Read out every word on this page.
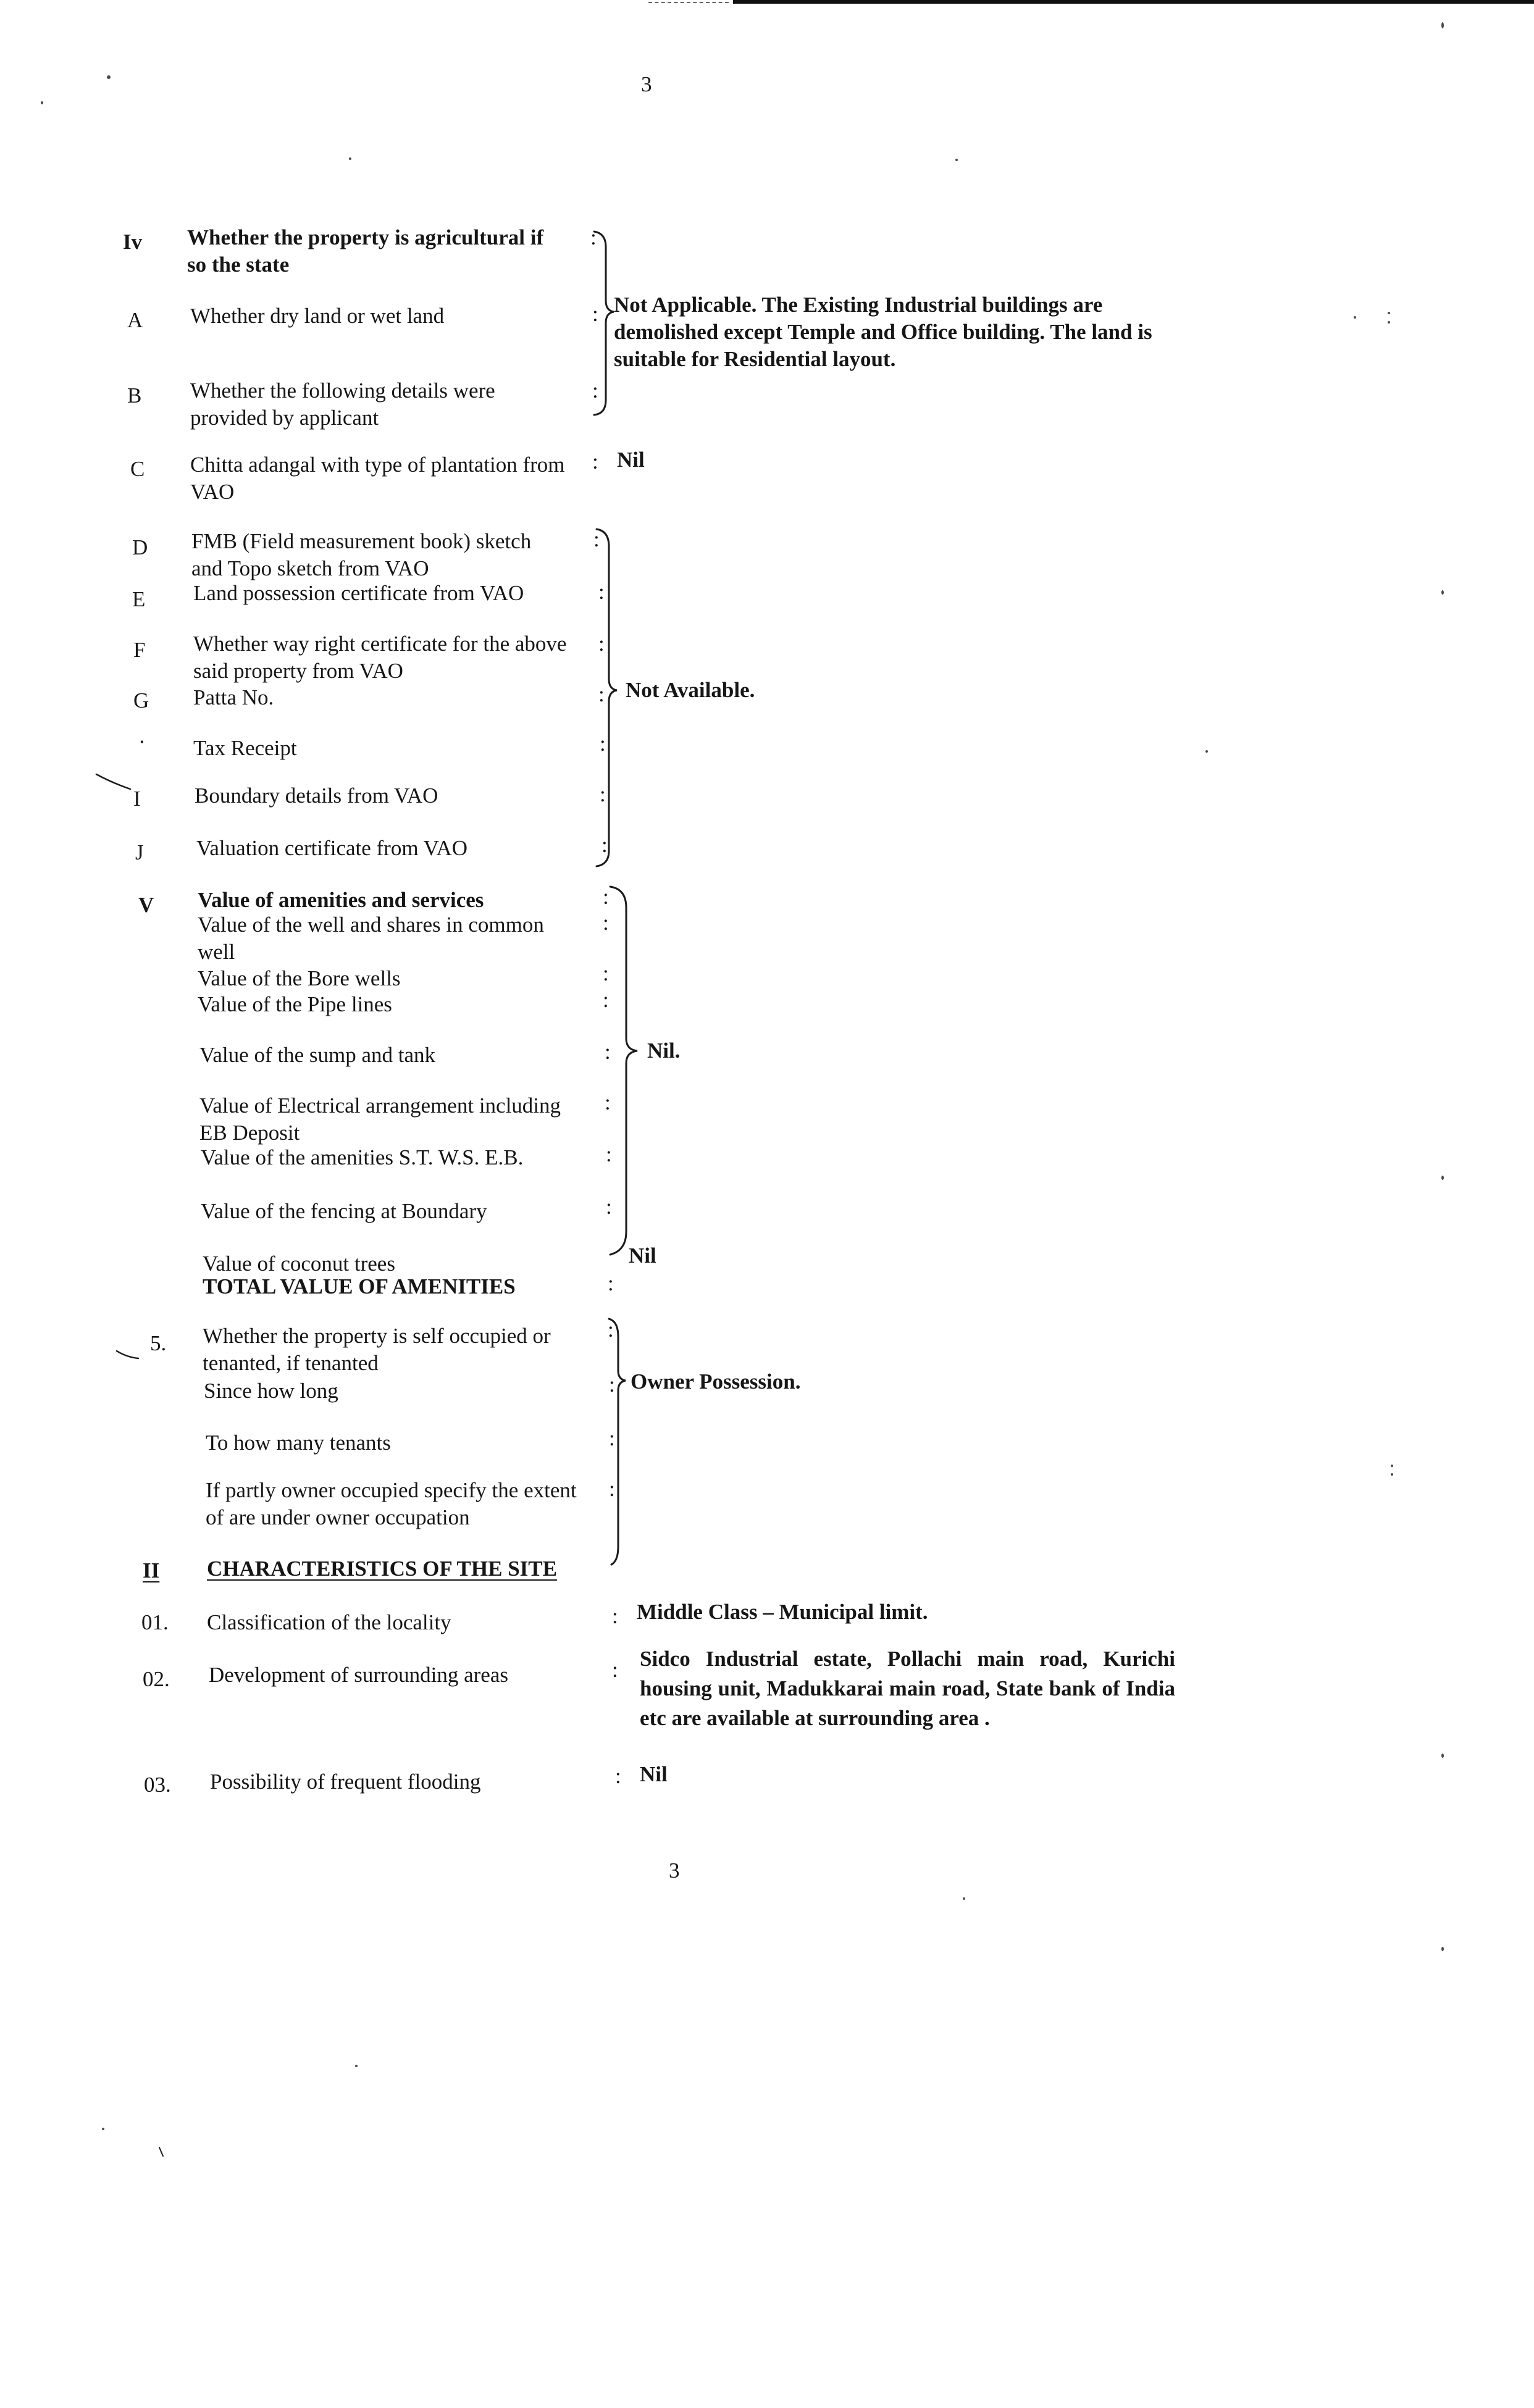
3
Iv Whether the property is agricultural if
so the state
:
A Whether dry land or wet land	: Not Applicable. The Existing Industrial buildings are
demolished except Temple and Office building. The land is
suitable for Residential layout.
B Whether the following details were
provided by applicant
:
C Chitta adangal with type of plantation from
VAO
: Nil
D FMB (Field measurement book) sketch
and Topo sketch from VAO
:
E Land possession certificate from VAO	:
F Whether way right certificate for the above
said property from VAO
:
G Patta No.	: Not Available.
· Tax Receipt	:
I Boundary details from VAO	:
J Valuation certificate from VAO	:
V Value of amenities and services	:
Value of the well and shares in common
well
:
Value of the Bore wells	:
Value of the Pipe lines	:
Value of the sump and tank	: Nil.
Value of Electrical arrangement including
EB Deposit
:
Value of the amenities S.T. W.S. E.B.	:
Value of the fencing at Boundary	:
Value of coconut trees	Nil
TOTAL VALUE OF AMENITIES	:
5. Whether the property is self occupied or
tenanted, if tenanted
:
Since how long	: Owner Possession.
To how many tenants	:
If partly owner occupied specify the extent
of are under owner occupation
:
II CHARACTERISTICS OF THE SITE
01. Classification of the locality	: Middle Class – Municipal limit.
02. Development of surrounding areas	: Sidco Industrial estate, Pollachi main road, Kurichi
housing unit, Madukkarai main road, State bank of India
etc are available at surrounding area .
03. Possibility of frequent flooding	: Nil
3
